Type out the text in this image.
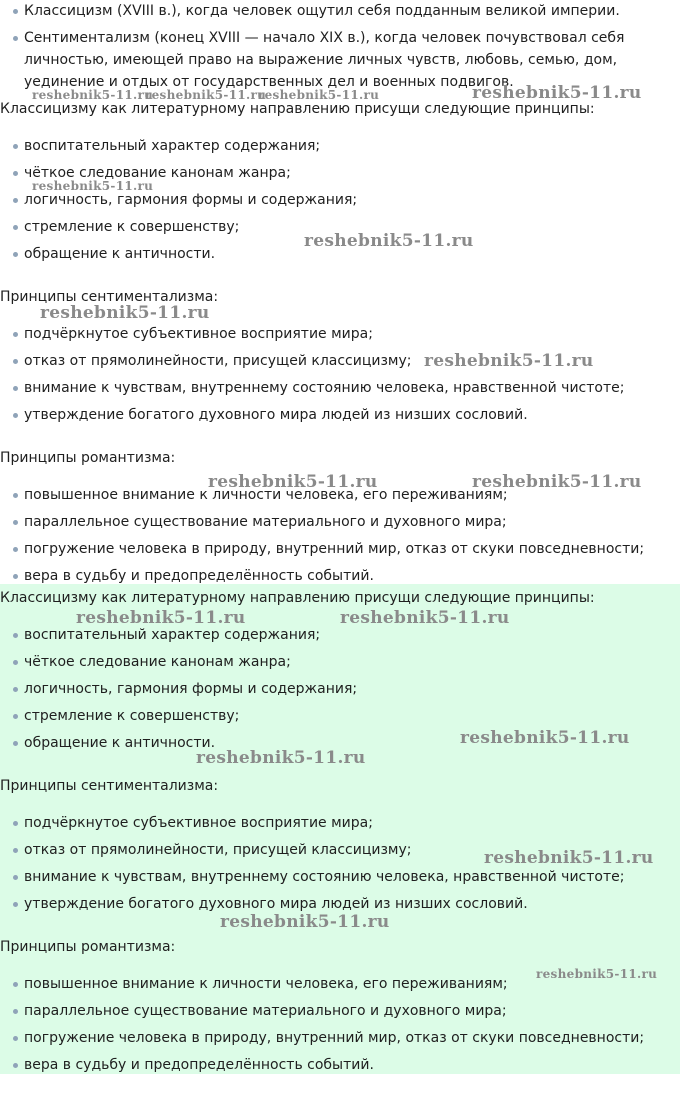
Классицизм (XVIII в.), когда человек ощутил себя подданным великой империи.
Сентиментализм (конец XVIII — начало XIX в.), когда человек почувствовал себя личностью, имеющей право на выражение личных чувств, любовь, семью, дом, уединение и отдых от государственных дел и военных подвигов.
Классицизму как литературному направлению присущи следующие принципы:
воспитательный характер содержания;
чёткое следование канонам жанра;
логичность, гармония формы и содержания;
стремление к совершенству;
обращение к античности.
Принципы сентиментализма:
подчёркнутое субъективное восприятие мира;
отказ от прямолинейности, присущей классицизму;
внимание к чувствам, внутреннему состоянию человека, нравственной чистоте;
утверждение богатого духовного мира людей из низших сословий.
Принципы романтизма:
повышенное внимание к личности человека, его переживаниям;
параллельное существование материального и духовного мира;
погружение человека в природу, внутренний мир, отказ от скуки повседневности;
вера в судьбу и предопределённость событий.
Классицизму как литературному направлению присущи следующие принципы:
воспитательный характер содержания;
чёткое следование канонам жанра;
логичность, гармония формы и содержания;
стремление к совершенству;
обращение к античности.
Принципы сентиментализма:
подчёркнутое субъективное восприятие мира;
отказ от прямолинейности, присущей классицизму;
внимание к чувствам, внутреннему состоянию человека, нравственной чистоте;
утверждение богатого духовного мира людей из низших сословий.
Принципы романтизма:
повышенное внимание к личности человека, его переживаниям;
параллельное существование материального и духовного мира;
погружение человека в природу, внутренний мир, отказ от скуки повседневности;
вера в судьбу и предопределённость событий.
reshebnik5-11.ru
reshebnik5-11.ru
reshebnik5-11.ru	reshebnik5-11.ru
reshebnik5-11.ru
reshebnik5-11.ru
reshebnik5-11.ru
reshebnik5-11.ru
reshebnik5-11.ru	reshebnik5-11.ru
reshebnik5-11.ru	reshebnik5-11.ru
reshebnik5-11.ru
reshebnik5-11.ru
reshebnik5-11.ru
reshebnik5-11.ru
reshebnik5-11.ru
